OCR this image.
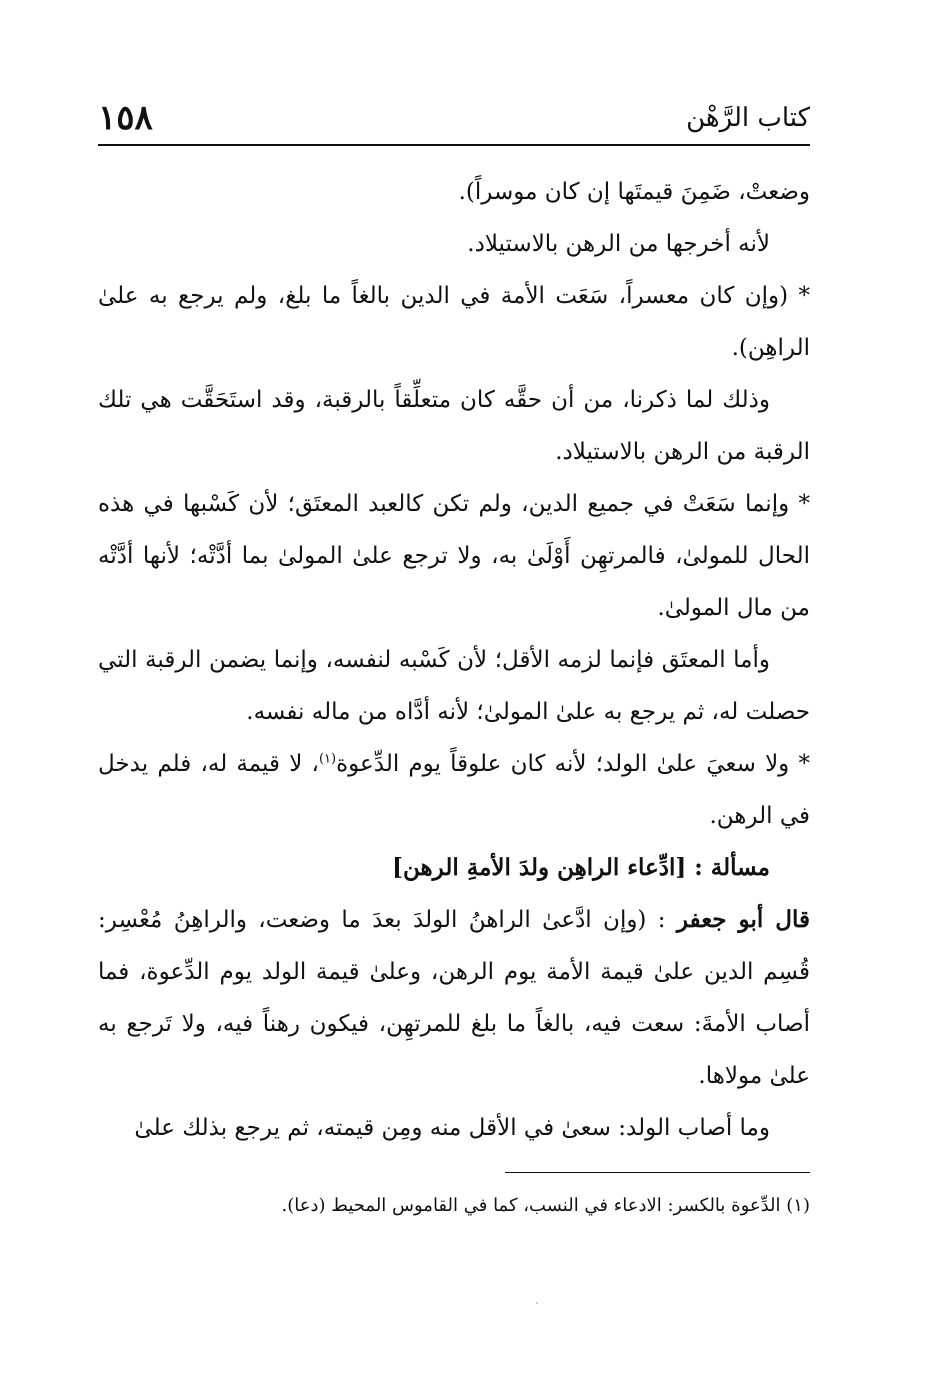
كتاب الرَّهْن
١٥٨

وضعتْ، ضَمِنَ قيمتَها إن كان موسراً).

لأنه أخرجها من الرهن بالاستيلاد.

* (وإن كان معسراً، سَعَت الأمة في الدين بالغاً ما بلغ، ولم يرجع به علىٰ الراهِن).

وذلك لما ذكرنا، من أن حقَّه كان متعلِّقاً بالرقبة، وقد استَحَقَّت هي تلك الرقبة من الرهن بالاستيلاد.

* وإنما سَعَتْ في جميع الدين، ولم تكن كالعبد المعتَق؛ لأن كَسْبها في هذه الحال للمولىٰ، فالمرتهِن أَوْلَىٰ به، ولا ترجع علىٰ المولىٰ بما أدَّتْه؛ لأنها أدَّتْه من مال المولىٰ.

وأما المعتَق فإنما لزمه الأقل؛ لأن كَسْبه لنفسه، وإنما يضمن الرقبة التي حصلت له، ثم يرجع به علىٰ المولىٰ؛ لأنه أدَّاه من ماله نفسه.

* ولا سعيَ علىٰ الولد؛ لأنه كان علوقاً يوم الدِّعوة$^{(١)}$، لا قيمة له، فلم يدخل في الرهن.

مسألة : [ادِّعاء الراهِن ولدَ الأمةِ الرهن]

قال أبو جعفر : (وإن ادَّعىٰ الراهنُ الولدَ بعدَ ما وضعت، والراهِنُ مُعْسِر: قُسِم الدين علىٰ قيمة الأمة يوم الرهن، وعلىٰ قيمة الولد يوم الدِّعوة، فما أصاب الأمةَ: سعت فيه، بالغاً ما بلغ للمرتهِن، فيكون رهناً فيه، ولا تَرجع به علىٰ مولاها.

وما أصاب الولد: سعىٰ في الأقل منه ومِن قيمته، ثم يرجع بذلك علىٰ

(١) الدِّعوة بالكسر: الادعاء في النسب، كما في القاموس المحيط (دعا).
